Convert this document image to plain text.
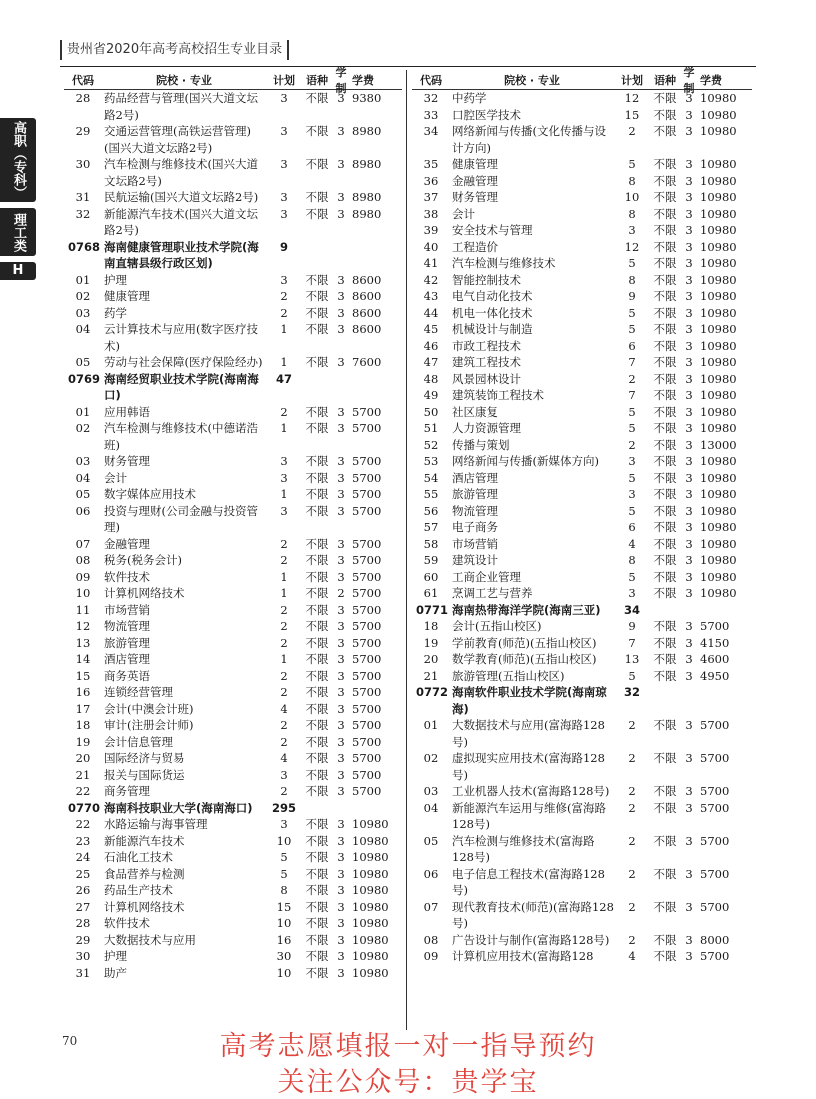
贵州省2020年高考高校招生专业目录
高职（专科）
理工类
H
代码	院校 · 专业	计划	语种
学制
学费
28	药品经营与管理(国兴大道文坛路2号)
3	不限 3 9380
29	交通运营管理(高铁运营管理)(国兴大道文坛路2号)
3	不限 3 8980
30	汽车检测与维修技术(国兴大道文坛路2号)
3	不限 3 8980
31	民航运输(国兴大道文坛路2号)	3	不限 3 8980
32	新能源汽车技术(国兴大道文坛路2号)
3	不限 3 8980
0768 海南健康管理职业技术学院(海南直辖县级行政区划)
9
01	护理	3	不限 3 8600
02	健康管理	2	不限 3 8600
03	药学	2	不限 3 8600
04	云计算技术与应用(数字医疗技术)
1	不限 3 8600
05	劳动与社会保障(医疗保险经办)	1	不限 3 7600
0769 海南经贸职业技术学院(海南海口)
47
01	应用韩语	2	不限 3 5700
02	汽车检测与维修技术(中德诺浩班)
1	不限 3 5700
03	财务管理	3	不限 3 5700
04	会计	3	不限 3 5700
05	数字媒体应用技术	1	不限 3 5700
06	投资与理财(公司金融与投资管理)
3	不限 3 5700
07	金融管理	2	不限 3 5700
08	税务(税务会计)	2	不限 3 5700
09	软件技术	1	不限 3 5700
10	计算机网络技术	1	不限 2 5700
11	市场营销	2	不限 3 5700
12	物流管理	2	不限 3 5700
13	旅游管理	2	不限 3 5700
14	酒店管理	1	不限 3 5700
15	商务英语	2	不限 3 5700
16	连锁经营管理	2	不限 3 5700
17	会计(中澳会计班)	4	不限 3 5700
18	审计(注册会计师)	2	不限 3 5700
19	会计信息管理	2	不限 3 5700
20	国际经济与贸易	4	不限 3 5700
21	报关与国际货运	3	不限 3 5700
22	商务管理	2	不限 3 5700
0770 海南科技职业大学(海南海口)	295
22	水路运输与海事管理	3	不限 3 10980
23	新能源汽车技术	10	不限 3 10980
24	石油化工技术	5	不限 3 10980
25	食品营养与检测	5	不限 3 10980
26	药品生产技术	8	不限 3 10980
27	计算机网络技术	15	不限 3 10980
28	软件技术	10	不限 3 10980
29	大数据技术与应用	16	不限 3 10980
30	护理	30	不限 3 10980
31	助产	10	不限 3 10980
代码	院校 · 专业	计划	语种
学制
学费
32	中药学	12	不限 3 10980
33	口腔医学技术	15	不限 3 10980
34	网络新闻与传播(文化传播与设计方向)
2	不限 3 10980
35	健康管理	5	不限 3 10980
36	金融管理	8	不限 3 10980
37	财务管理	10	不限 3 10980
38	会计	8	不限 3 10980
39	安全技术与管理	3	不限 3 10980
40	工程造价	12	不限 3 10980
41	汽车检测与维修技术	5	不限 3 10980
42	智能控制技术	8	不限 3 10980
43	电气自动化技术	9	不限 3 10980
44	机电一体化技术	5	不限 3 10980
45	机械设计与制造	5	不限 3 10980
46	市政工程技术	6	不限 3 10980
47	建筑工程技术	7	不限 3 10980
48	风景园林设计	2	不限 3 10980
49	建筑装饰工程技术	7	不限 3 10980
50	社区康复	5	不限 3 10980
51	人力资源管理	5	不限 3 10980
52	传播与策划	2	不限 3 13000
53	网络新闻与传播(新媒体方向)	3	不限 3 10980
54	酒店管理	5	不限 3 10980
55	旅游管理	3	不限 3 10980
56	物流管理	5	不限 3 10980
57	电子商务	6	不限 3 10980
58	市场营销	4	不限 3 10980
59	建筑设计	8	不限 3 10980
60	工商企业管理	5	不限 3 10980
61	烹调工艺与营养	3	不限 3 10980
0771 海南热带海洋学院(海南三亚)	34
18	会计(五指山校区)	9	不限 3 5700
19	学前教育(师范)(五指山校区)	7	不限 3 4150
20	数学教育(师范)(五指山校区)	13	不限 3 4600
21	旅游管理(五指山校区)	5	不限 3 4950
0772 海南软件职业技术学院(海南琼海)
32
01	大数据技术与应用(富海路128号)
2	不限 3 5700
02	虚拟现实应用技术(富海路128号)
2	不限 3 5700
03	工业机器人技术(富海路128号)	2	不限 3 5700
04	新能源汽车运用与维修(富海路128号)
2	不限 3 5700
05	汽车检测与维修技术(富海路128号)
2	不限 3 5700
06	电子信息工程技术(富海路128号)
2	不限 3 5700
07	现代教育技术(师范)(富海路128号)
2	不限 3 5700
08	广告设计与制作(富海路128号)	2	不限 3 8000
09	计算机应用技术(富海路128	4	不限 3 5700
70	高考志愿填报一对一指导预约
关注公众号：贵学宝
